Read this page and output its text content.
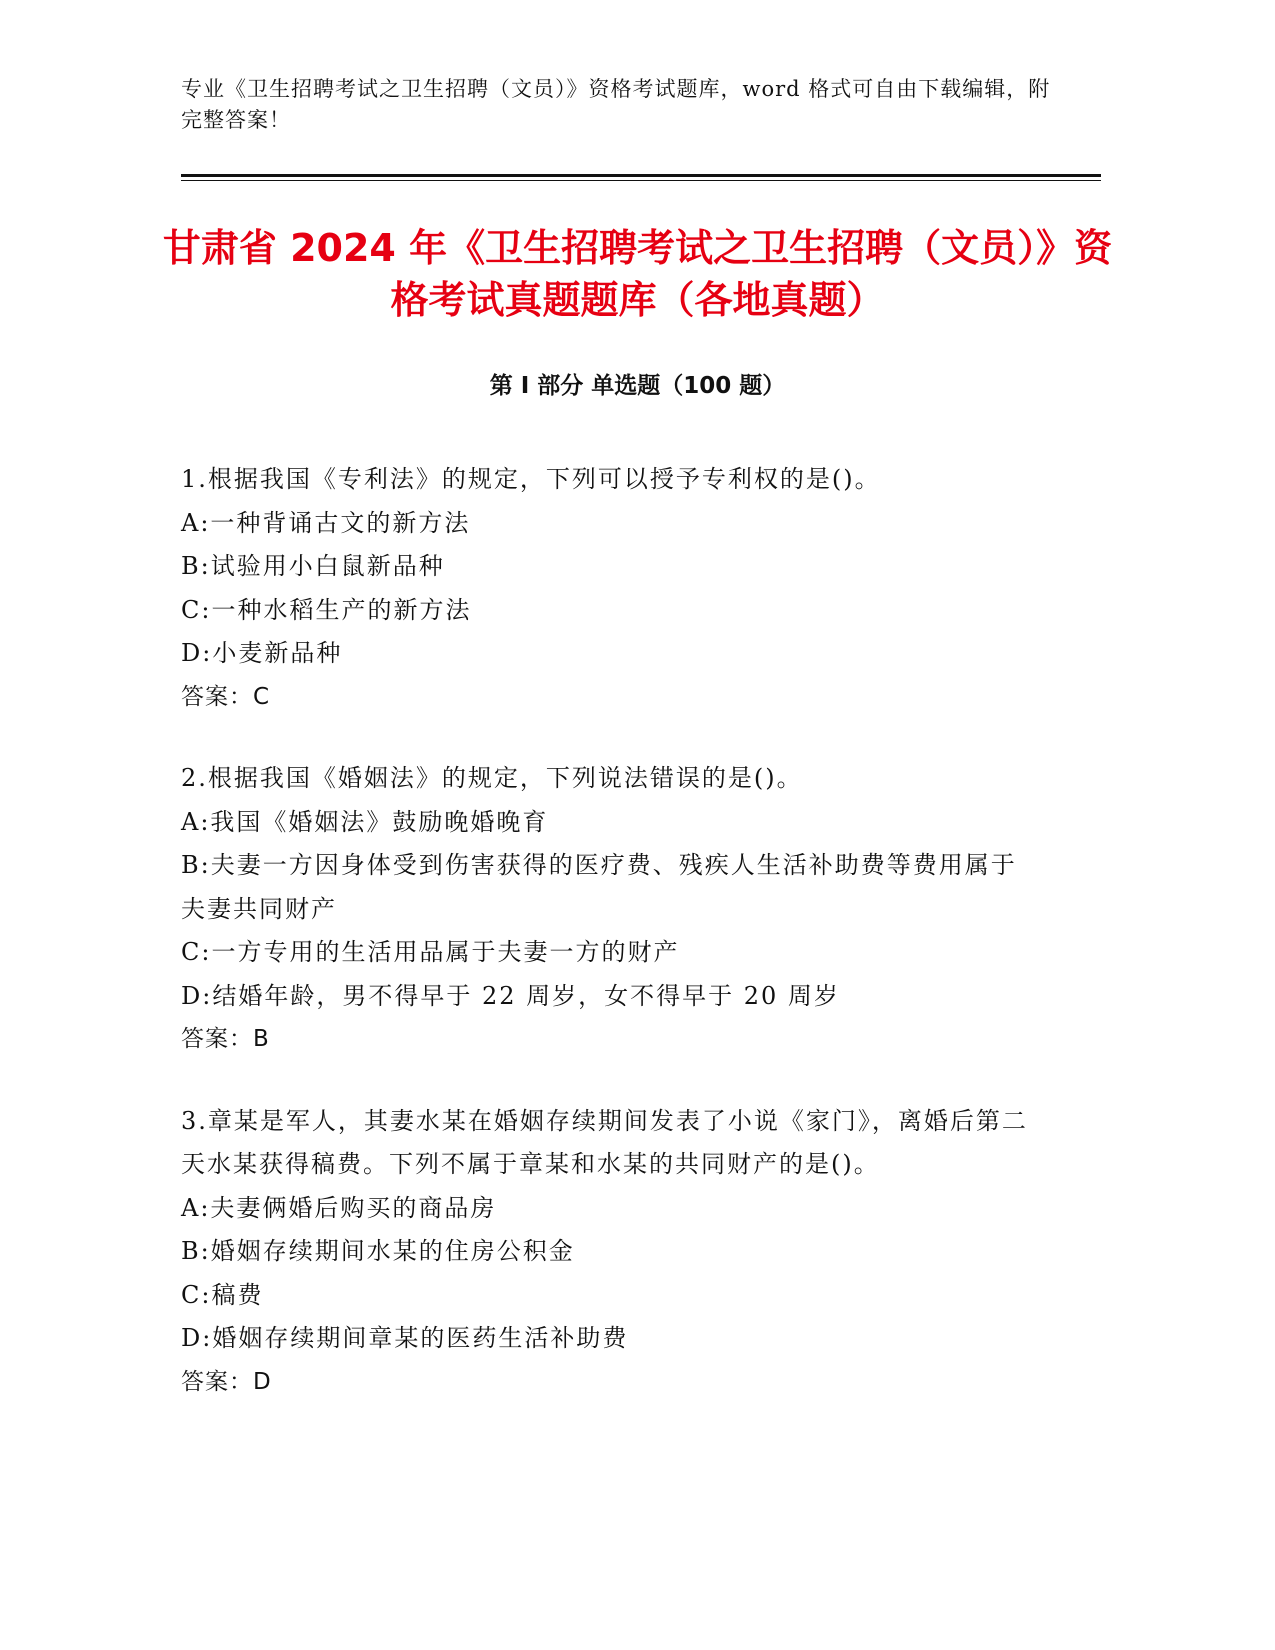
专业《卫生招聘考试之卫生招聘（文员）》资格考试题库，word 格式可自由下载编辑，附完整答案！
甘肃省 2024 年《卫生招聘考试之卫生招聘（文员）》资格考试真题题库（各地真题）
第 I 部分 单选题（100 题）
1.根据我国《专利法》的规定，下列可以授予专利权的是()。
A:一种背诵古文的新方法
B:试验用小白鼠新品种
C:一种水稻生产的新方法
D:小麦新品种
答案：C
2.根据我国《婚姻法》的规定，下列说法错误的是()。
A:我国《婚姻法》鼓励晚婚晚育
B:夫妻一方因身体受到伤害获得的医疗费、残疾人生活补助费等费用属于夫妻共同财产
C:一方专用的生活用品属于夫妻一方的财产
D:结婚年龄，男不得早于 22 周岁，女不得早于 20 周岁
答案：B
3.章某是军人，其妻水某在婚姻存续期间发表了小说《家门》，离婚后第二天水某获得稿费。下列不属于章某和水某的共同财产的是()。
A:夫妻俩婚后购买的商品房
B:婚姻存续期间水某的住房公积金
C:稿费
D:婚姻存续期间章某的医药生活补助费
答案：D
